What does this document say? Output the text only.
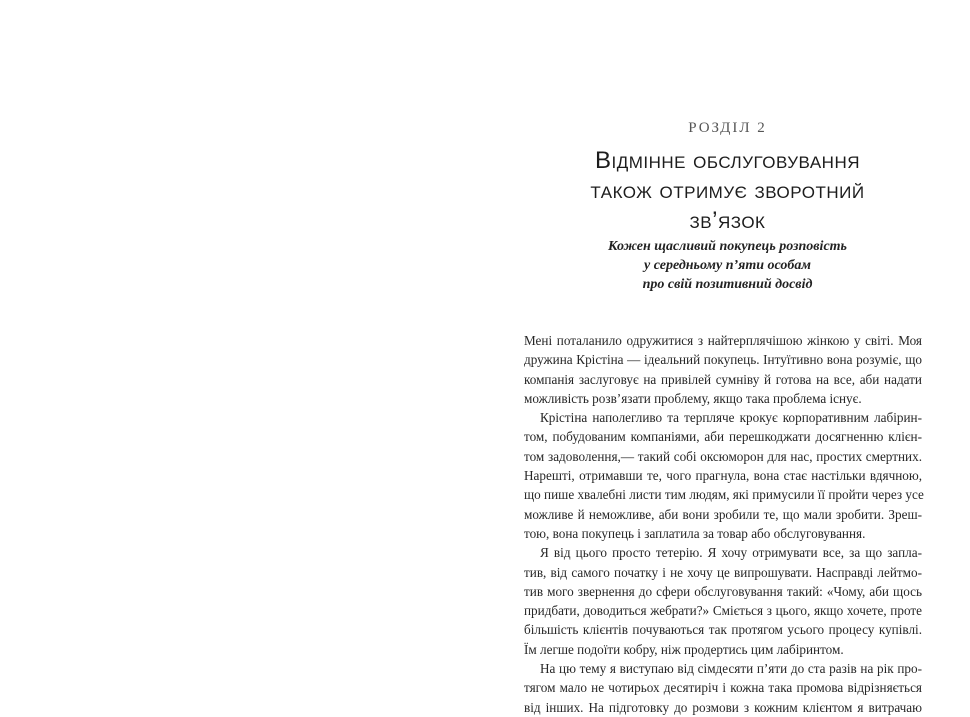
РОЗДІЛ 2
Відмінне обслуговування
також отримує зворотний
зв’язок
Кожен щасливий покупець розповість
у середньому п’яти особам
про свій позитивний досвід
Мені поталанило одружитися з найтерплячішою жінкою у світі. Моя
дружина Крістіна — ідеальний покупець. Інтуїтивно вона розуміє, що
компанія заслуговує на привілей сумніву й готова на все, аби надати
можливість розв’язати проблему, якщо така проблема існує.
Крістіна наполегливо та терпляче крокує корпоративним лабірин-
том, побудованим компаніями, аби перешкоджати досягненню клієн-
том задоволення,— такий собі оксюморон для нас, простих смертних.
Нарешті, отримавши те, чого прагнула, вона стає настільки вдячною,
що пише хвалебні листи тим людям, які примусили її пройти через усе
можливе й неможливе, аби вони зробили те, що мали зробити. Зреш-
тою, вона покупець і заплатила за товар або обслуговування.
Я від цього просто тетерію. Я хочу отримувати все, за що запла-
тив, від самого початку і не хочу це випрошувати. Насправді лейтмо-
тив мого звернення до сфери обслуговування такий: «Чому, аби щось
придбати, доводиться жебрати?» Сміється з цього, якщо хочете, проте
більшість клієнтів почуваються так протягом усього процесу купівлі.
Їм легше подоїти кобру, ніж продертись цим лабіринтом.
На цю тему я виступаю від сімдесяти п’яти до ста разів на рік про-
тягом мало не чотирьох десятиріч і кожна така промова відрізняється
від інших. На підготовку до розмови з кожним клієнтом я витрачаю
